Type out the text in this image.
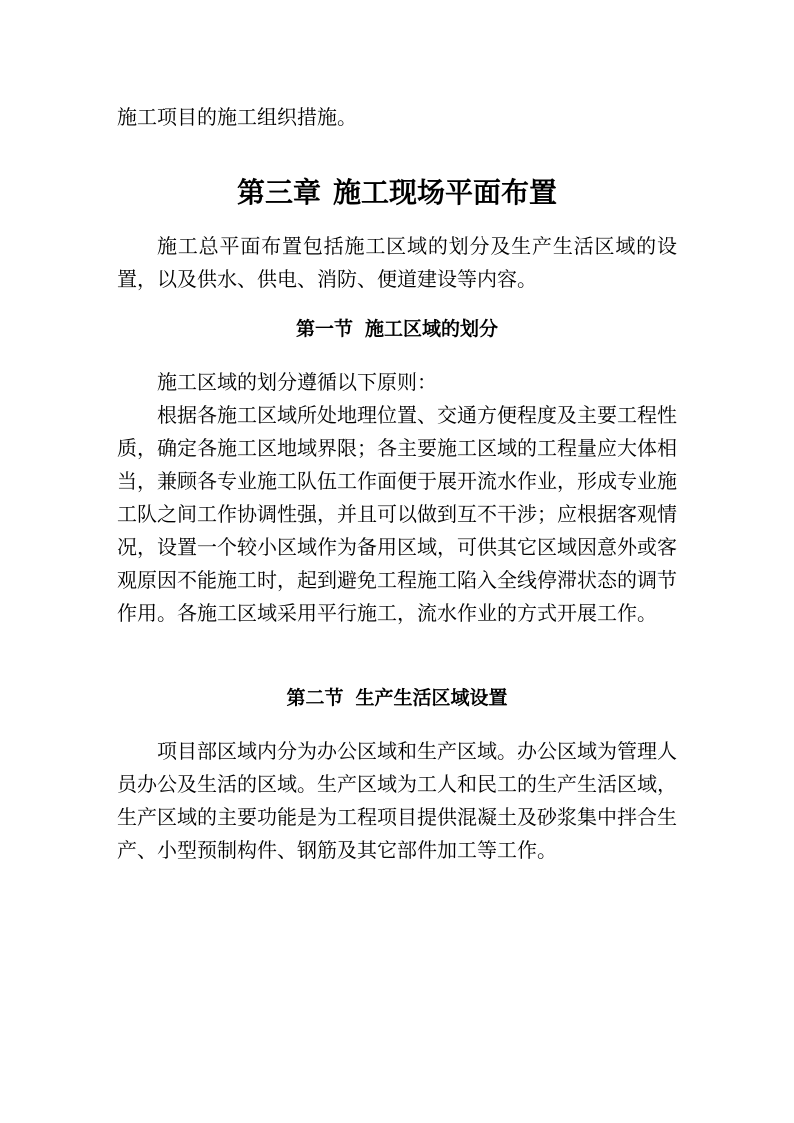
施工项目的施工组织措施。

第三章 施工现场平面布置

施工总平面布置包括施工区域的划分及生产生活区域的设置，以及供水、供电、消防、便道建设等内容。

第一节 施工区域的划分

施工区域的划分遵循以下原则：

根据各施工区域所处地理位置、交通方便程度及主要工程性质，确定各施工区地域界限；各主要施工区域的工程量应大体相当，兼顾各专业施工队伍工作面便于展开流水作业，形成专业施工队之间工作协调性强，并且可以做到互不干涉；应根据客观情况，设置一个较小区域作为备用区域，可供其它区域因意外或客观原因不能施工时，起到避免工程施工陷入全线停滞状态的调节作用。各施工区域采用平行施工，流水作业的方式开展工作。

第二节 生产生活区域设置

项目部区域内分为办公区域和生产区域。办公区域为管理人员办公及生活的区域。生产区域为工人和民工的生产生活区域，生产区域的主要功能是为工程项目提供混凝土及砂浆集中拌合生产、小型预制构件、钢筋及其它部件加工等工作。
